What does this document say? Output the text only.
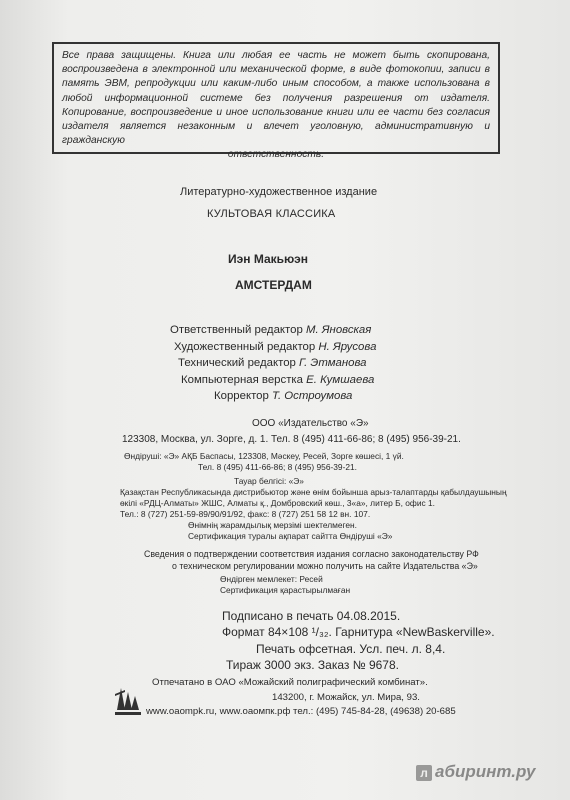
Все права защищены. Книга или любая ее часть не может быть скопирована, воспроизведена в электронной или механической форме, в виде фотокопии, записи в память ЭВМ, репродукции или каким-либо иным способом, а также использована в любой информационной системе без получения разрешения от издателя. Копирование, воспроизведение и иное использование книги или ее части без согласия издателя является незаконным и влечет уголовную, административную и гражданскую
ответственность.
Литературно-художественное издание
КУЛЬТОВАЯ КЛАССИКА
Иэн Макьюэн
АМСТЕРДАМ
Ответственный редактор М. Яновская
Художественный редактор Н. Ярусова
Технический редактор Г. Этманова
Компьютерная верстка Е. Кумшаева
Корректор Т. Остроумова
ООО «Издательство «Э»
123308, Москва, ул. Зорге, д. 1. Тел. 8 (495) 411-66-86; 8 (495) 956-39-21.
Өндіруші: «Э» АҚБ Баспасы, 123308, Мәскеу, Ресей, Зорге көшесі, 1 үй.
Тел. 8 (495) 411-66-86; 8 (495) 956-39-21.
Тауар белгісі: «Э»
Қазақстан Республикасында дистрибьютор және өнім бойынша арыз-талаптарды қабылдаушының
өкілі «РДЦ-Алматы» ЖШС, Алматы қ., Домбровский көш., 3«а», литер Б, офис 1.
Тел.: 8 (727) 251-59-89/90/91/92, факс: 8 (727) 251 58 12 вн. 107.
Өнімнің жарамдылық мерзімі шектелмеген.
Сертификация туралы ақпарат сайтта Өндіруші «Э»
Сведения о подтверждении соответствия издания согласно законодательству РФ
о техническом регулировании можно получить на сайте Издательства «Э»
Өндірген мемлекет: Ресей
Сертификация қарастырылмаған
Подписано в печать 04.08.2015.
Формат 84×108 ¹/₃₂. Гарнитура «NewBaskerville».
Печать офсетная. Усл. печ. л. 8,4.
Тираж 3000 экз. Заказ № 9678.
Отпечатано в ОАО «Можайский полиграфический комбинат».
143200, г. Можайск, ул. Мира, 93.
www.oaompk.ru, www.оаомпк.рф тел.: (495) 745-84-28, (49638) 20-685
л абиринт.ру
